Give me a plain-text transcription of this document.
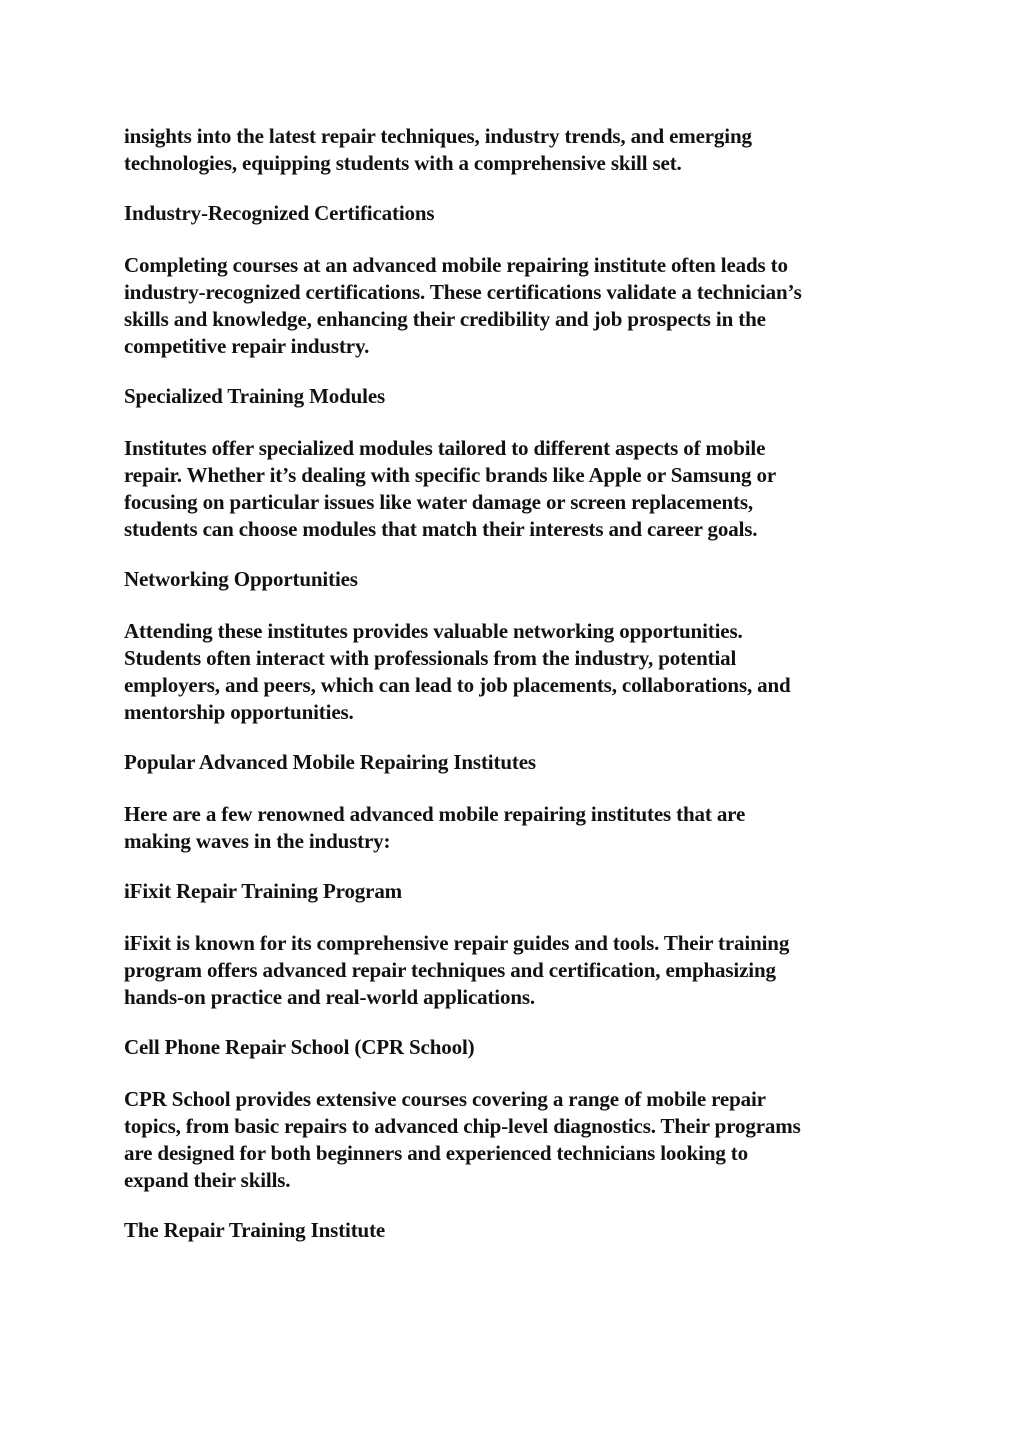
insights into the latest repair techniques, industry trends, and emerging
technologies, equipping students with a comprehensive skill set.
Industry-Recognized Certifications
Completing courses at an advanced mobile repairing institute often leads to
industry-recognized certifications. These certifications validate a technician’s
skills and knowledge, enhancing their credibility and job prospects in the
competitive repair industry.
Specialized Training Modules
Institutes offer specialized modules tailored to different aspects of mobile
repair. Whether it’s dealing with specific brands like Apple or Samsung or
focusing on particular issues like water damage or screen replacements,
students can choose modules that match their interests and career goals.
Networking Opportunities
Attending these institutes provides valuable networking opportunities.
Students often interact with professionals from the industry, potential
employers, and peers, which can lead to job placements, collaborations, and
mentorship opportunities.
Popular Advanced Mobile Repairing Institutes
Here are a few renowned advanced mobile repairing institutes that are
making waves in the industry:
iFixit Repair Training Program
iFixit is known for its comprehensive repair guides and tools. Their training
program offers advanced repair techniques and certification, emphasizing
hands-on practice and real-world applications.
Cell Phone Repair School (CPR School)
CPR School provides extensive courses covering a range of mobile repair
topics, from basic repairs to advanced chip-level diagnostics. Their programs
are designed for both beginners and experienced technicians looking to
expand their skills.
The Repair Training Institute
